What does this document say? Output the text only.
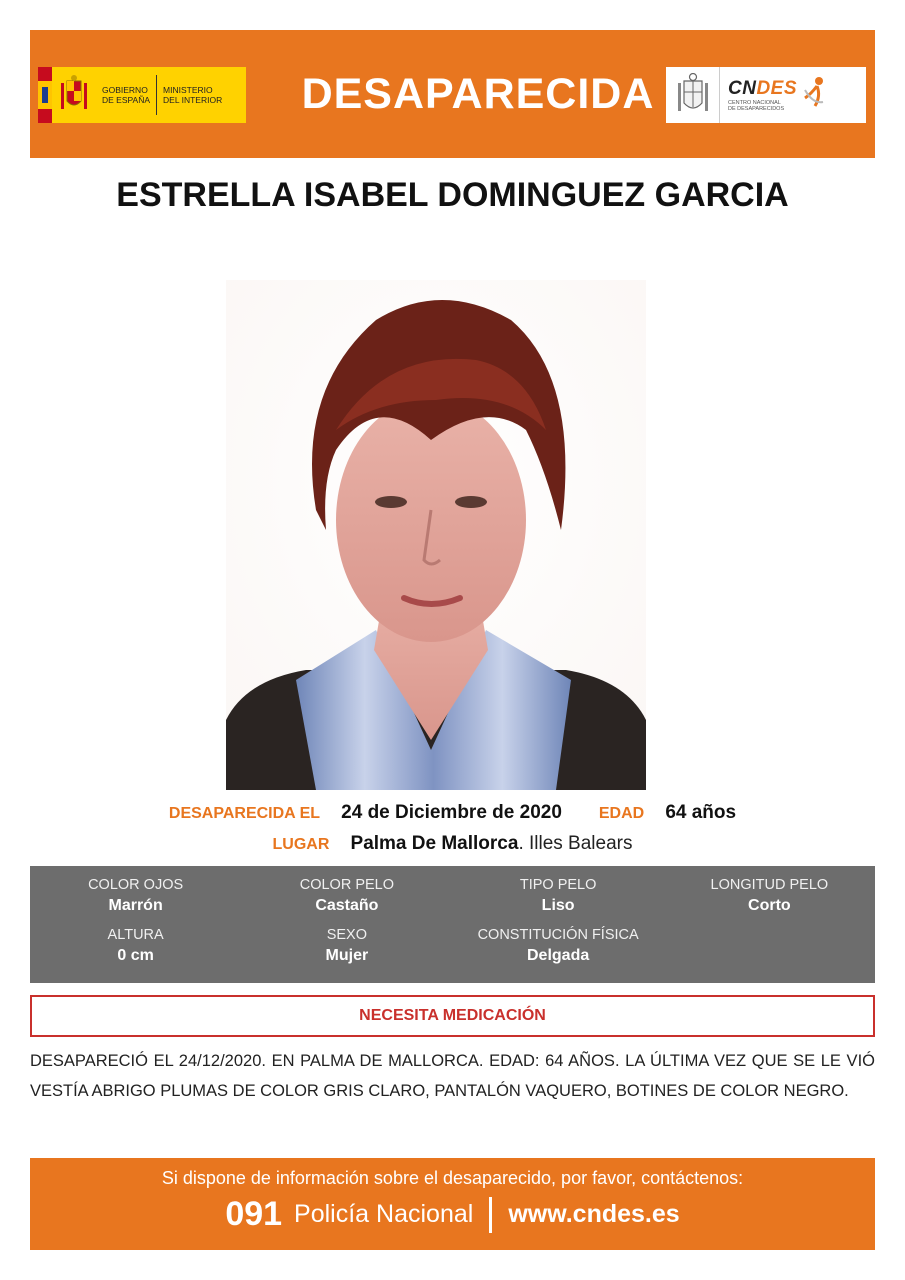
GOBIERNO
DE ESPAÑA
MINISTERIO
DEL INTERIOR	DESAPARECIDA	CNDES
CENTRO NACIONAL
DE DESAPARECIDOS
ESTRELLA ISABEL DOMINGUEZ GARCIA
DESAPARECIDA EL 24 de Diciembre de 2020 EDAD 64 años
LUGAR Palma De Mallorca. Illes Balears
COLOR OJOS
Marrón
COLOR PELO
Castaño
TIPO PELO
Liso
LONGITUD PELO
Corto
ALTURA
0 cm
SEXO
Mujer
CONSTITUCIÓN FÍSICA
Delgada
NECESITA MEDICACIÓN
DESAPARECIÓ EL 24/12/2020. EN PALMA DE MALLORCA. EDAD: 64 AÑOS. LA ÚLTIMA VEZ QUE SE LE VIÓ VESTÍA ABRIGO PLUMAS DE COLOR GRIS CLARO, PANTALÓN VAQUERO, BOTINES DE COLOR NEGRO.
Si dispone de información sobre el desaparecido, por favor, contáctenos:
091 Policía Nacional www.cndes.es
